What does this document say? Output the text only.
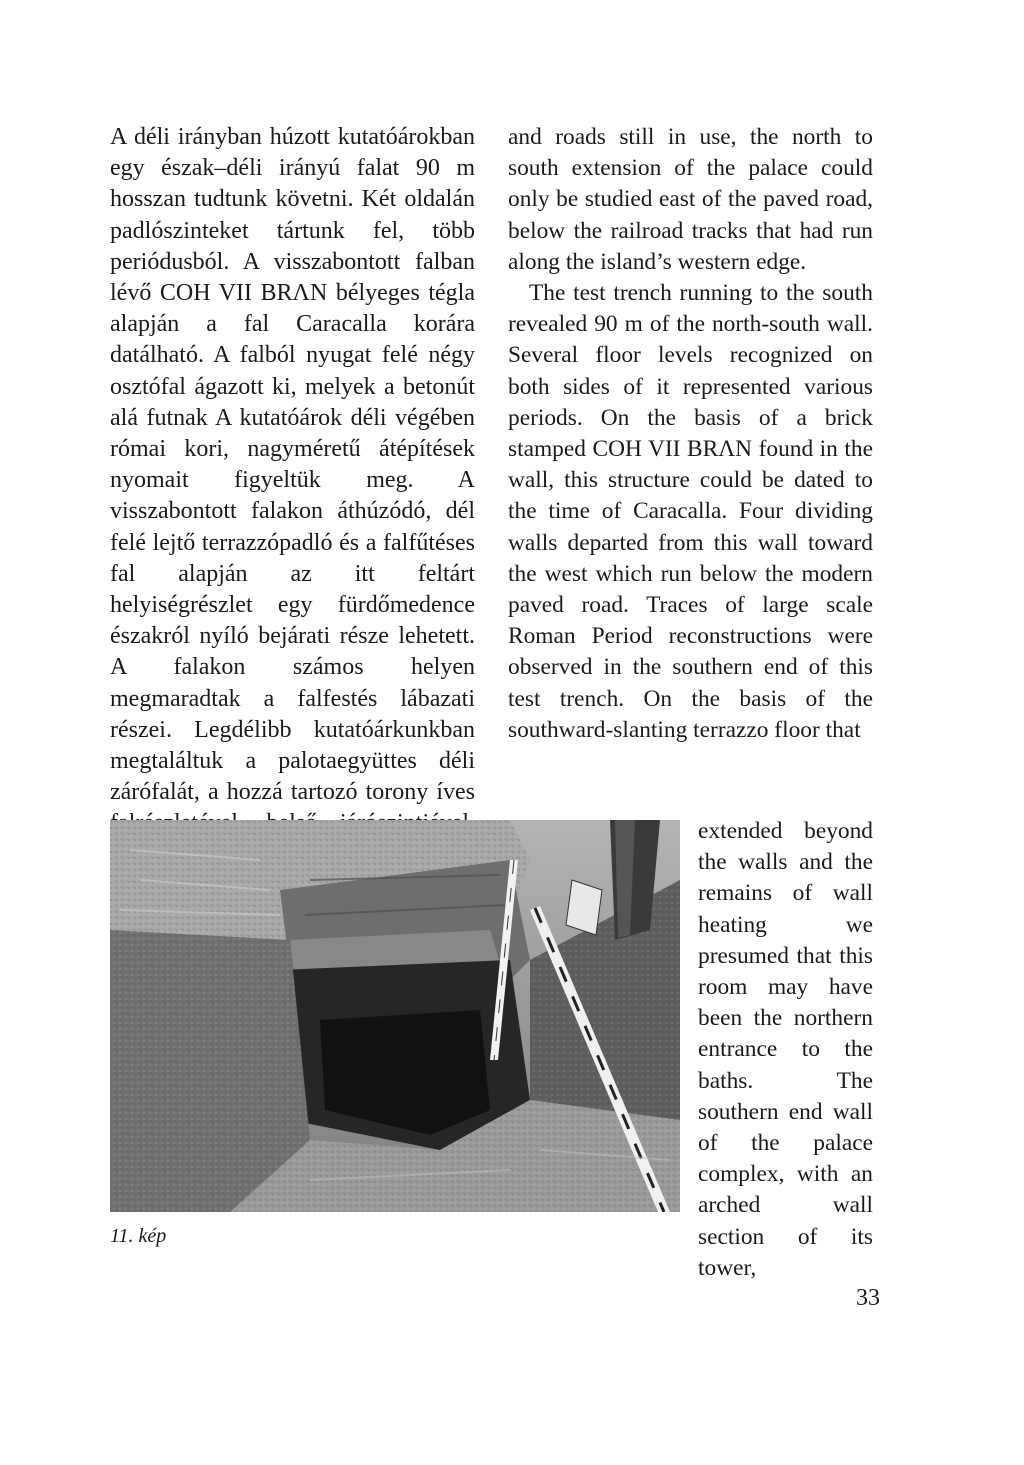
A déli irányban húzott kutatóárokban egy észak–déli irányú falat 90 m hosszan tudtunk követni. Két oldalán padlószinteket tártunk fel, több periódusból. A visszabontott falban lévő COH VII BRΛN bélyeges tégla alapján a fal Caracalla korára datálható. A falból nyugat felé négy osztófal ágazott ki, melyek a betonút alá futnak A kutatóárok déli végében római kori, nagyméretű átépítések nyomait figyeltük meg. A visszabontott falakon áthúzódó, dél felé lejtő terrazzópadló és a falfűtéses fal alapján az itt feltárt helyiségrészlet egy fürdőmedence északról nyíló bejárati része lehetett. A falakon számos helyen megmaradtak a falfestés lábazati részei. Legdélibb kutatóárkunkban megtaláltuk a palotaegyüttes déli zárófalát, a hozzá tartozó torony íves

and roads still in use, the north to south extension of the palace could only be studied east of the paved road, below the railroad tracks that had run along the island’s western edge.

The test trench running to the south revealed 90 m of the north-south wall. Several floor levels recognized on both sides of it represented various periods. On the basis of a brick stamped COH VII BRΛN found in the wall, this structure could be dated to the time of Caracalla. Four dividing walls departed from this wall toward the west which run below the modern paved road. Traces of large scale Roman Period reconstructions were observed in the southern end of this test trench. On the basis of the southward-slanting terrazzo floor that

extended beyond the walls and the remains of wall heating we presumed that this room may have been the northern entrance to the baths. The southern end wall of the palace complex, with an arched wall section of its tower,

11. kép
33
